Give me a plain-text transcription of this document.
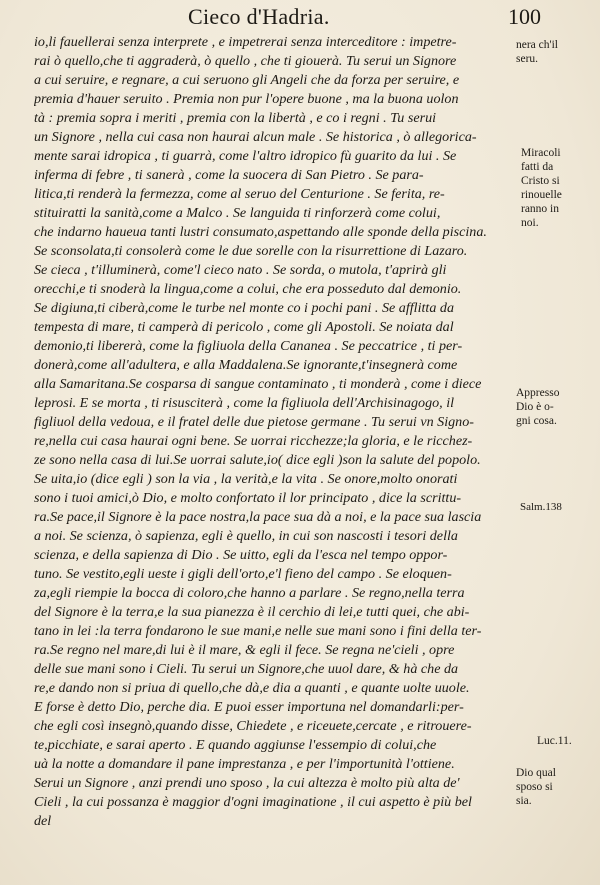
Cieco d'Hadria.	100
io,li fauellerai senza interprete , e impetrerai senza interceditore : impetre-
rai ò quello,che ti aggraderà, ò quello , che ti giouerà. Tu serui un Signore
a cui seruire, e regnare, a cui seruono gli Angeli che da forza per seruire, e
premia d'hauer seruito . Premia non pur l'opere buone , ma la buona uolon
tà : premia sopra i meriti , premia con la libertà , e co i regni . Tu serui
un Signore , nella cui casa non haurai alcun male . Se historica , ò allegorica-
mente sarai idropica , ti guarrà, come l'altro idropico fù guarito da lui . Se
inferma di febre , ti sanerà , come la suocera di San Pietro . Se para-
litica,ti renderà la fermezza, come al seruo del Centurione . Se ferita, re-
stituiratti la sanità,come a Malco . Se languida ti rinforzerà come colui,
che indarno haueua tanti lustri consumato,aspettando alle sponde della piscina.
Se sconsolata,ti consolerà come le due sorelle con la risurrettione di Lazaro.
Se cieca , t'illuminerà, come'l cieco nato . Se sorda, o mutola, t'aprirà gli
orecchi,e ti snoderà la lingua,come a colui, che era posseduto dal demonio.
Se digiuna,ti ciberà,come le turbe nel monte co i pochi pani . Se afflitta da
tempesta di mare, ti camperà di pericolo , come gli Apostoli. Se noiata dal
demonio,ti libererà, come la figliuola della Cananea . Se peccatrice , ti per-
donerà,come all'adultera, e alla Maddalena.Se ignorante,t'insegnerà come
alla Samaritana.Se cosparsa di sangue contaminato , ti monderà , come i diece
leprosi. E se morta , ti risusciterà , come la figliuola dell'Archisinagogo, il
figliuol della vedoua, e il fratel delle due pietose germane . Tu serui vn Signo-
re,nella cui casa haurai ogni bene. Se uorrai ricchezze;la gloria, e le ricchez-
ze sono nella casa di lui.Se uorrai salute,io( dice egli )son la salute del popolo.
Se uita,io (dice egli ) son la via , la verità,e la vita . Se onore,molto onorati
sono i tuoi amici,ò Dio, e molto confortato il lor principato , dice la scrittu-
ra.Se pace,il Signore è la pace nostra,la pace sua dà a noi, e la pace sua lascia
a noi. Se scienza, ò sapienza, egli è quello, in cui son nascosti i tesori della
scienza, e della sapienza di Dio . Se uitto, egli da l'esca nel tempo oppor-
tuno. Se vestito,egli ueste i gigli dell'orto,e'l fieno del campo . Se eloquen-
za,egli riempie la bocca di coloro,che hanno a parlare . Se regno,nella terra
del Signore è la terra,e la sua pianezza è il cerchio di lei,e tutti quei, che abi-
tano in lei :la terra fondarono le sue mani,e nelle sue mani sono i fini della ter-
ra.Se regno nel mare,di lui è il mare, & egli il fece. Se regna ne'cieli , opre
delle sue mani sono i Cieli. Tu serui un Signore,che uuol dare, & hà che da
re,e dando non si priua di quello,che dà,e dia a quanti , e quante uolte uuole.
E forse è detto Dio, perche dia. E puoi esser importuna nel domandarli:per-
che egli così insegnò,quando disse, Chiedete , e riceuete,cercate , e ritrouere-
te,picchiate, e sarai aperto . E quando aggiunse l'essempio di colui,che
uà la notte a domandare il pane imprestanza , e per l'importunità l'ottiene.
Serui un Signore , anzi prendi uno sposo , la cui altezza è molto più alta de'
Cieli , la cui possanza è maggior d'ogni imaginatione , il cui aspetto è più bel
del
nera ch'il
seru.
Miracoli
fatti da
Cristo si
rinouelle
ranno in
noi.
Appresso
Dio è o-
gni cosa.
Salm.138
Luc.11.
Dio qual
sposo si
sia.
